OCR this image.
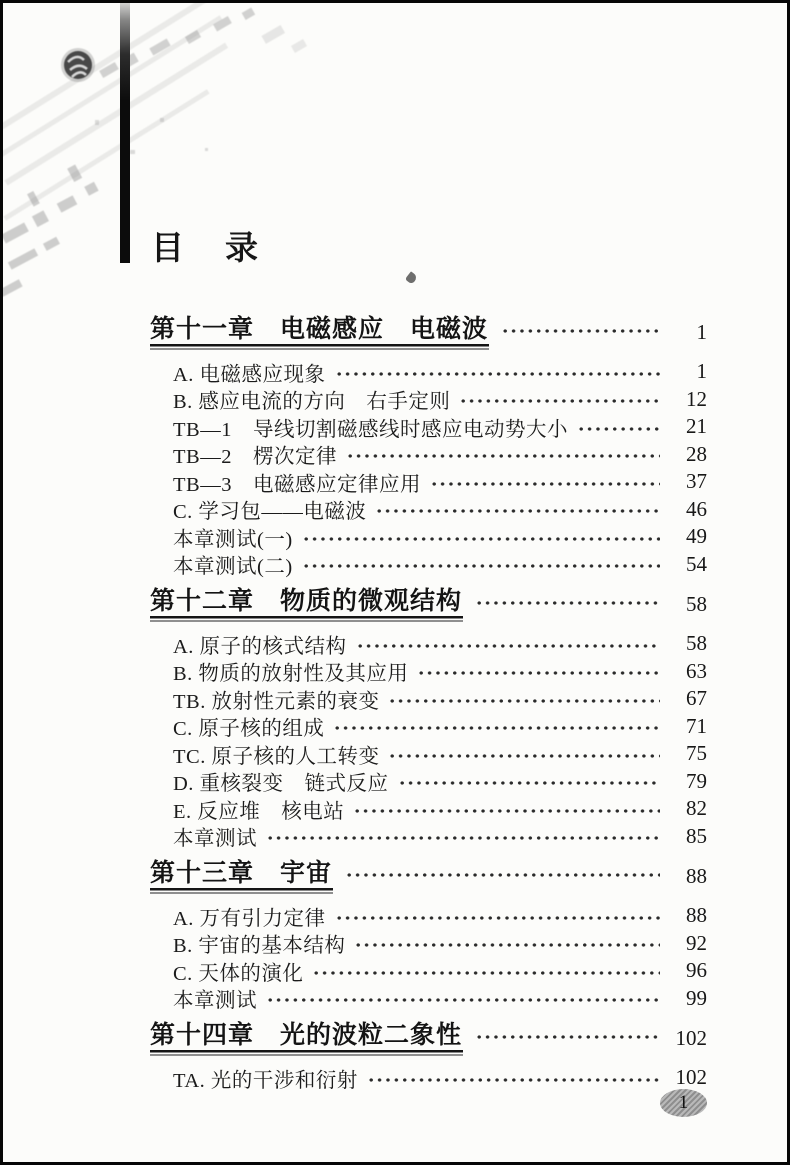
目　录
第十一章　电磁感应　电磁波	1
A. 电磁感应现象	1
B. 感应电流的方向　右手定则	12
TB—1　导线切割磁感线时感应电动势大小	21
TB—2　楞次定律	28
TB—3　电磁感应定律应用	37
C. 学习包——电磁波	46
本章测试(一)	49
本章测试(二)	54
第十二章　物质的微观结构	58
A. 原子的核式结构	58
B. 物质的放射性及其应用	63
TB. 放射性元素的衰变	67
C. 原子核的组成	71
TC. 原子核的人工转变	75
D. 重核裂变　链式反应	79
E. 反应堆　核电站	82
本章测试	85
第十三章　宇宙	88
A. 万有引力定律	88
B. 宇宙的基本结构	92
C. 天体的演化	96
本章测试	99
第十四章　光的波粒二象性	102
TA. 光的干涉和衍射	102
1
